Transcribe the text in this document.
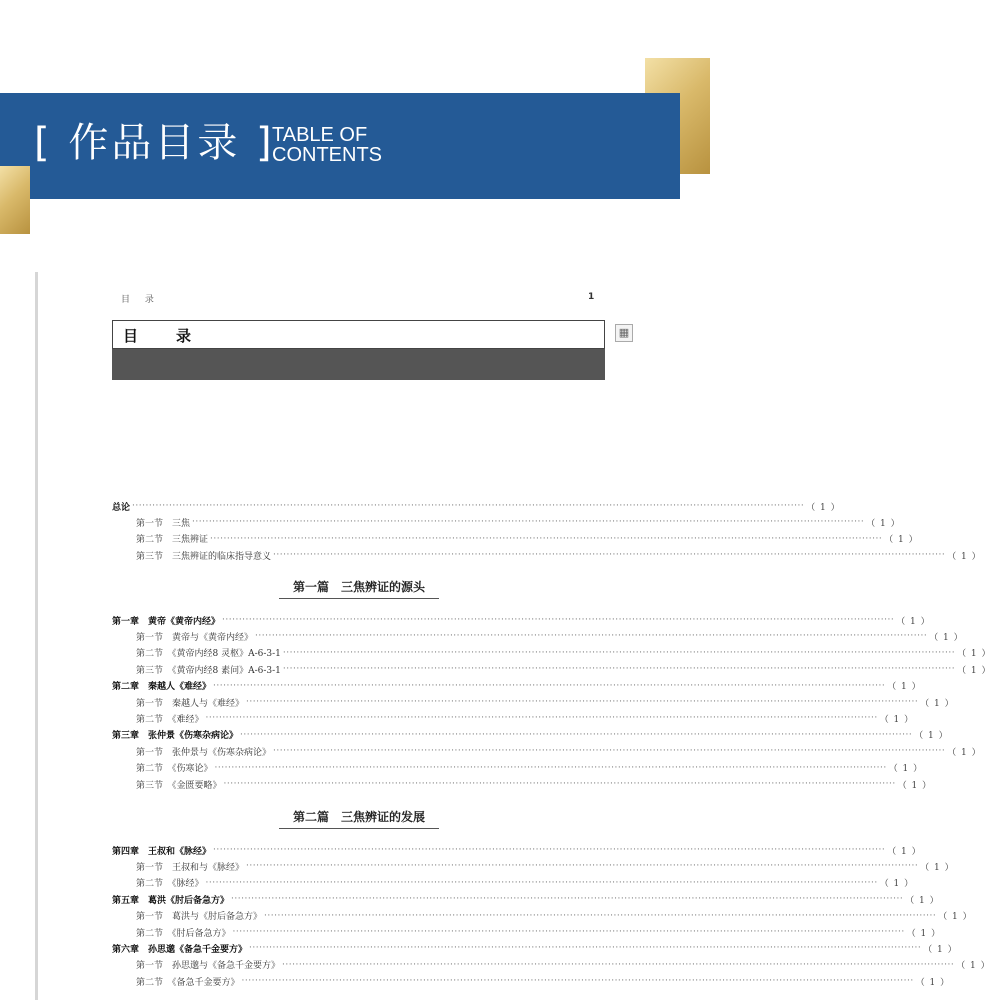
[ 作品目录 ]
TABLE OF
CONTENTS
目 录	1
目录	▦
总论 ········································································································································································································ （ 1 ）
第一节　三焦 ········································································································································································································ （ 1 ）
第二节　三焦辨证 ········································································································································································································ （ 1 ）
第三节　三焦辨证的临床指导意义 ········································································································································································································ （ 1 ）
第一篇　三焦辨证的源头
第一章　黄帝《黄帝内经》 ········································································································································································································ （ 1 ）
第一节　黄帝与《黄帝内经》 ········································································································································································································ （ 1 ）
第二节　《黄帝内经8 灵枢》A-6-3-1 ········································································································································································································ （ 1 ）
第三节　《黄帝内经8 素问》A-6-3-1 ········································································································································································································ （ 1 ）
第二章　秦越人《难经》 ········································································································································································································ （ 1 ）
第一节　秦越人与《难经》 ········································································································································································································ （ 1 ）
第二节　《难经》 ········································································································································································································ （ 1 ）
第三章　张仲景《伤寒杂病论》 ········································································································································································································ （ 1 ）
第一节　张仲景与《伤寒杂病论》 ········································································································································································································ （ 1 ）
第二节　《伤寒论》 ········································································································································································································ （ 1 ）
第三节　《金匮要略》 ········································································································································································································ （ 1 ）
第二篇　三焦辨证的发展
第四章　王叔和《脉经》 ········································································································································································································ （ 1 ）
第一节　王叔和与《脉经》 ········································································································································································································ （ 1 ）
第二节　《脉经》 ········································································································································································································ （ 1 ）
第五章　葛洪《肘后备急方》 ········································································································································································································ （ 1 ）
第一节　葛洪与《肘后备急方》 ········································································································································································································ （ 1 ）
第二节　《肘后备急方》 ········································································································································································································ （ 1 ）
第六章　孙思邈《备急千金要方》 ········································································································································································································ （ 1 ）
第一节　孙思邈与《备急千金要方》 ········································································································································································································ （ 1 ）
第二节　《备急千金要方》 ········································································································································································································ （ 1 ）
